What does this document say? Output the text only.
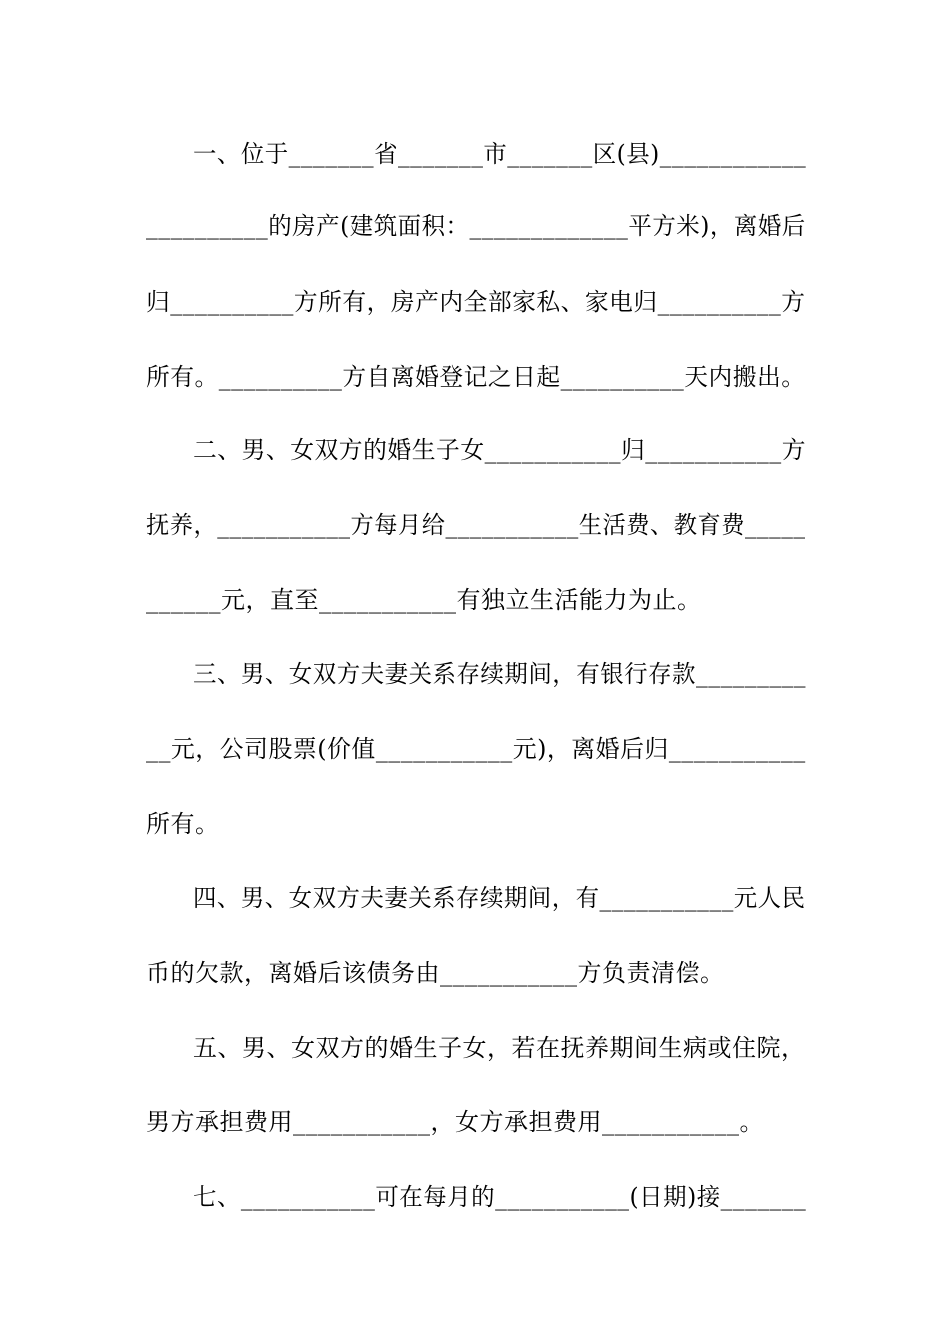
一、位于_______省_______市_______区(县)____________
__________的房产(建筑面积：_____________平方米)，离婚后
归__________方所有，房产内全部家私、家电归__________方
所有。__________方自离婚登记之日起__________天内搬出。
二、男、女双方的婚生子女___________归___________方
抚养，___________方每月给___________生活费、教育费_____
______元，直至___________有独立生活能力为止。
三、男、女双方夫妻关系存续期间，有银行存款_________
__元，公司股票(价值___________元)，离婚后归___________
所有。
四、男、女双方夫妻关系存续期间，有___________元人民
币的欠款，离婚后该债务由___________方负责清偿。
五、男、女双方的婚生子女，若在抚养期间生病或住院，
男方承担费用___________，女方承担费用___________。
七、___________可在每月的___________(日期)接_______
